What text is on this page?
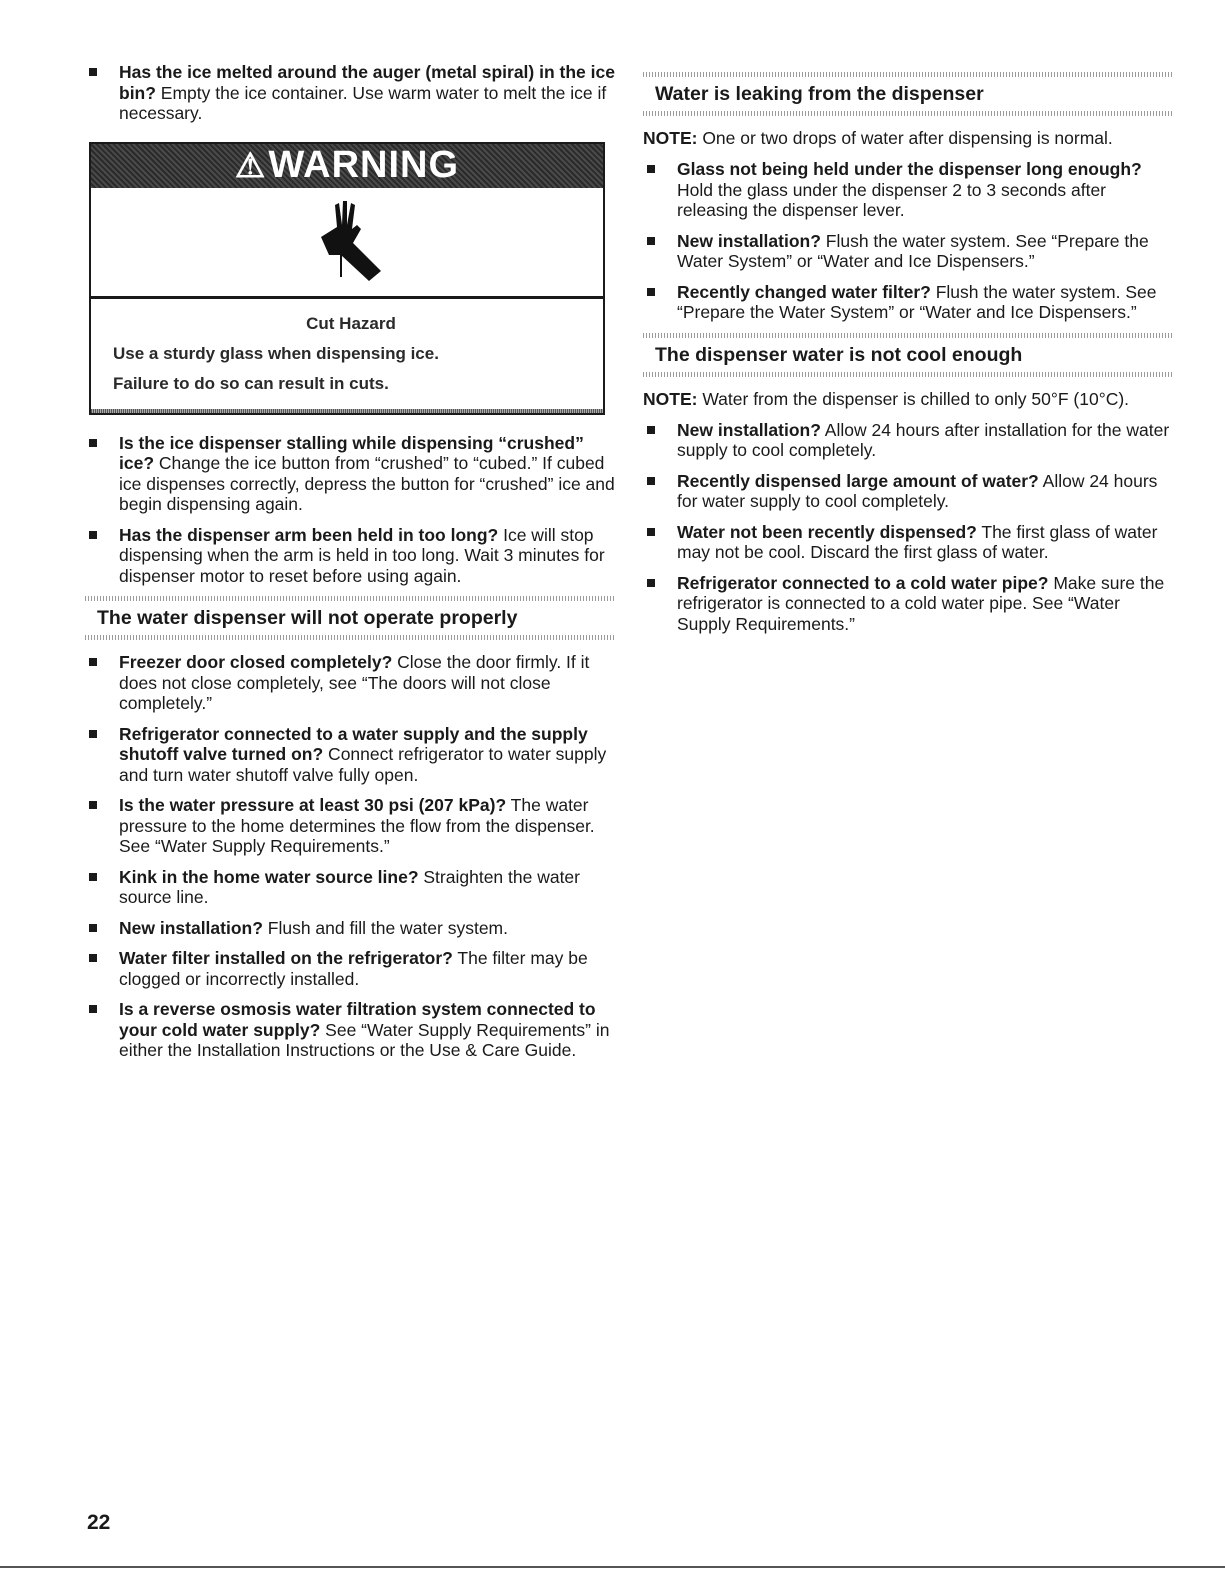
Has the ice melted around the auger (metal spiral) in the ice bin? Empty the ice container. Use warm water to melt the ice if necessary.
⚠ WARNING
Cut Hazard
Use a sturdy glass when dispensing ice.
Failure to do so can result in cuts.
Is the ice dispenser stalling while dispensing “crushed” ice? Change the ice button from “crushed” to “cubed.” If cubed ice dispenses correctly, depress the button for “crushed” ice and begin dispensing again.
Has the dispenser arm been held in too long? Ice will stop dispensing when the arm is held in too long. Wait 3 minutes for dispenser motor to reset before using again.
The water dispenser will not operate properly
Freezer door closed completely? Close the door firmly. If it does not close completely, see “The doors will not close completely.”
Refrigerator connected to a water supply and the supply shutoff valve turned on? Connect refrigerator to water supply and turn water shutoff valve fully open.
Is the water pressure at least 30 psi (207 kPa)? The water pressure to the home determines the flow from the dispenser. See “Water Supply Requirements.”
Kink in the home water source line? Straighten the water source line.
New installation? Flush and fill the water system.
Water filter installed on the refrigerator? The filter may be clogged or incorrectly installed.
Is a reverse osmosis water filtration system connected to your cold water supply? See “Water Supply Requirements” in either the Installation Instructions or the Use & Care Guide.
Water is leaking from the dispenser

NOTE: One or two drops of water after dispensing is normal.

Glass not being held under the dispenser long enough? Hold the glass under the dispenser 2 to 3 seconds after releasing the dispenser lever.
New installation? Flush the water system. See “Prepare the Water System” or “Water and Ice Dispensers.”
Recently changed water filter? Flush the water system. See “Prepare the Water System” or “Water and Ice Dispensers.”
The dispenser water is not cool enough

NOTE: Water from the dispenser is chilled to only 50°F (10°C).

New installation? Allow 24 hours after installation for the water supply to cool completely.
Recently dispensed large amount of water? Allow 24 hours for water supply to cool completely.
Water not been recently dispensed? The first glass of water may not be cool. Discard the first glass of water.
Refrigerator connected to a cold water pipe? Make sure the refrigerator is connected to a cold water pipe. See “Water Supply Requirements.”
22
